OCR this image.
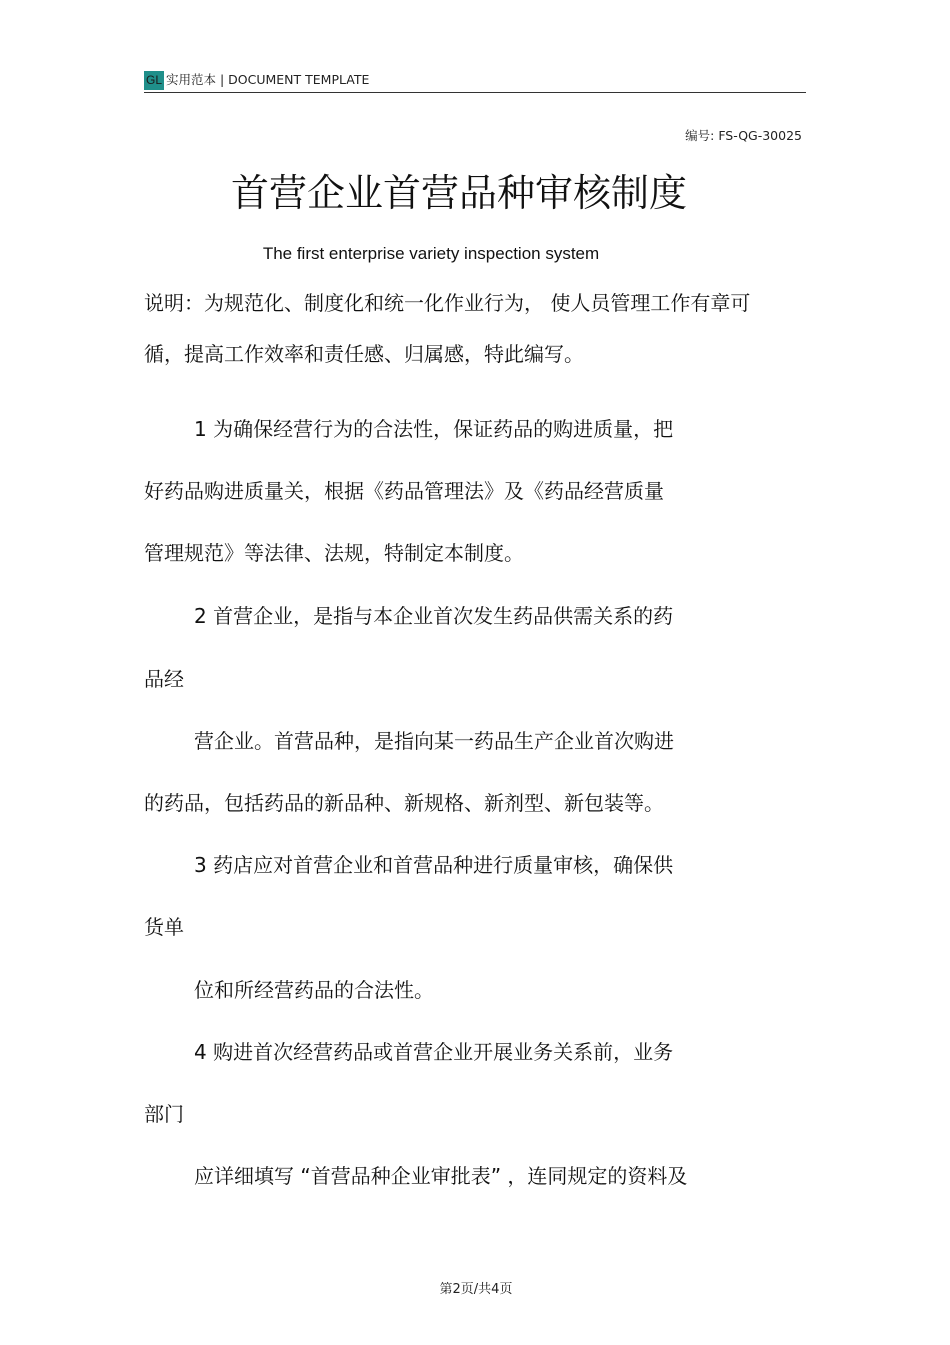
GL 实用范本 | DOCUMENT TEMPLATE
编号: FS-QG-30025
首营企业首营品种审核制度
The first enterprise variety inspection system
说明：为规范化、制度化和统一化作业行为， 使人员管理工作有章可
循，提高工作效率和责任感、归属感，特此编写。
1 为确保经营行为的合法性，保证药品的购进质量，把
好药品购进质量关，根据《药品管理法》及《药品经营质量
管理规范》等法律、法规，特制定本制度。
2 首营企业，是指与本企业首次发生药品供需关系的药
品经
营企业。首营品种，是指向某一药品生产企业首次购进
的药品，包括药品的新品种、新规格、新剂型、新包装等。
3 药店应对首营企业和首营品种进行质量审核，确保供
货单
位和所经营药品的合法性。
4 购进首次经营药品或首营企业开展业务关系前，业务
部门
应详细填写 “首营品种企业审批表” ，连同规定的资料及
第2页/共4页
